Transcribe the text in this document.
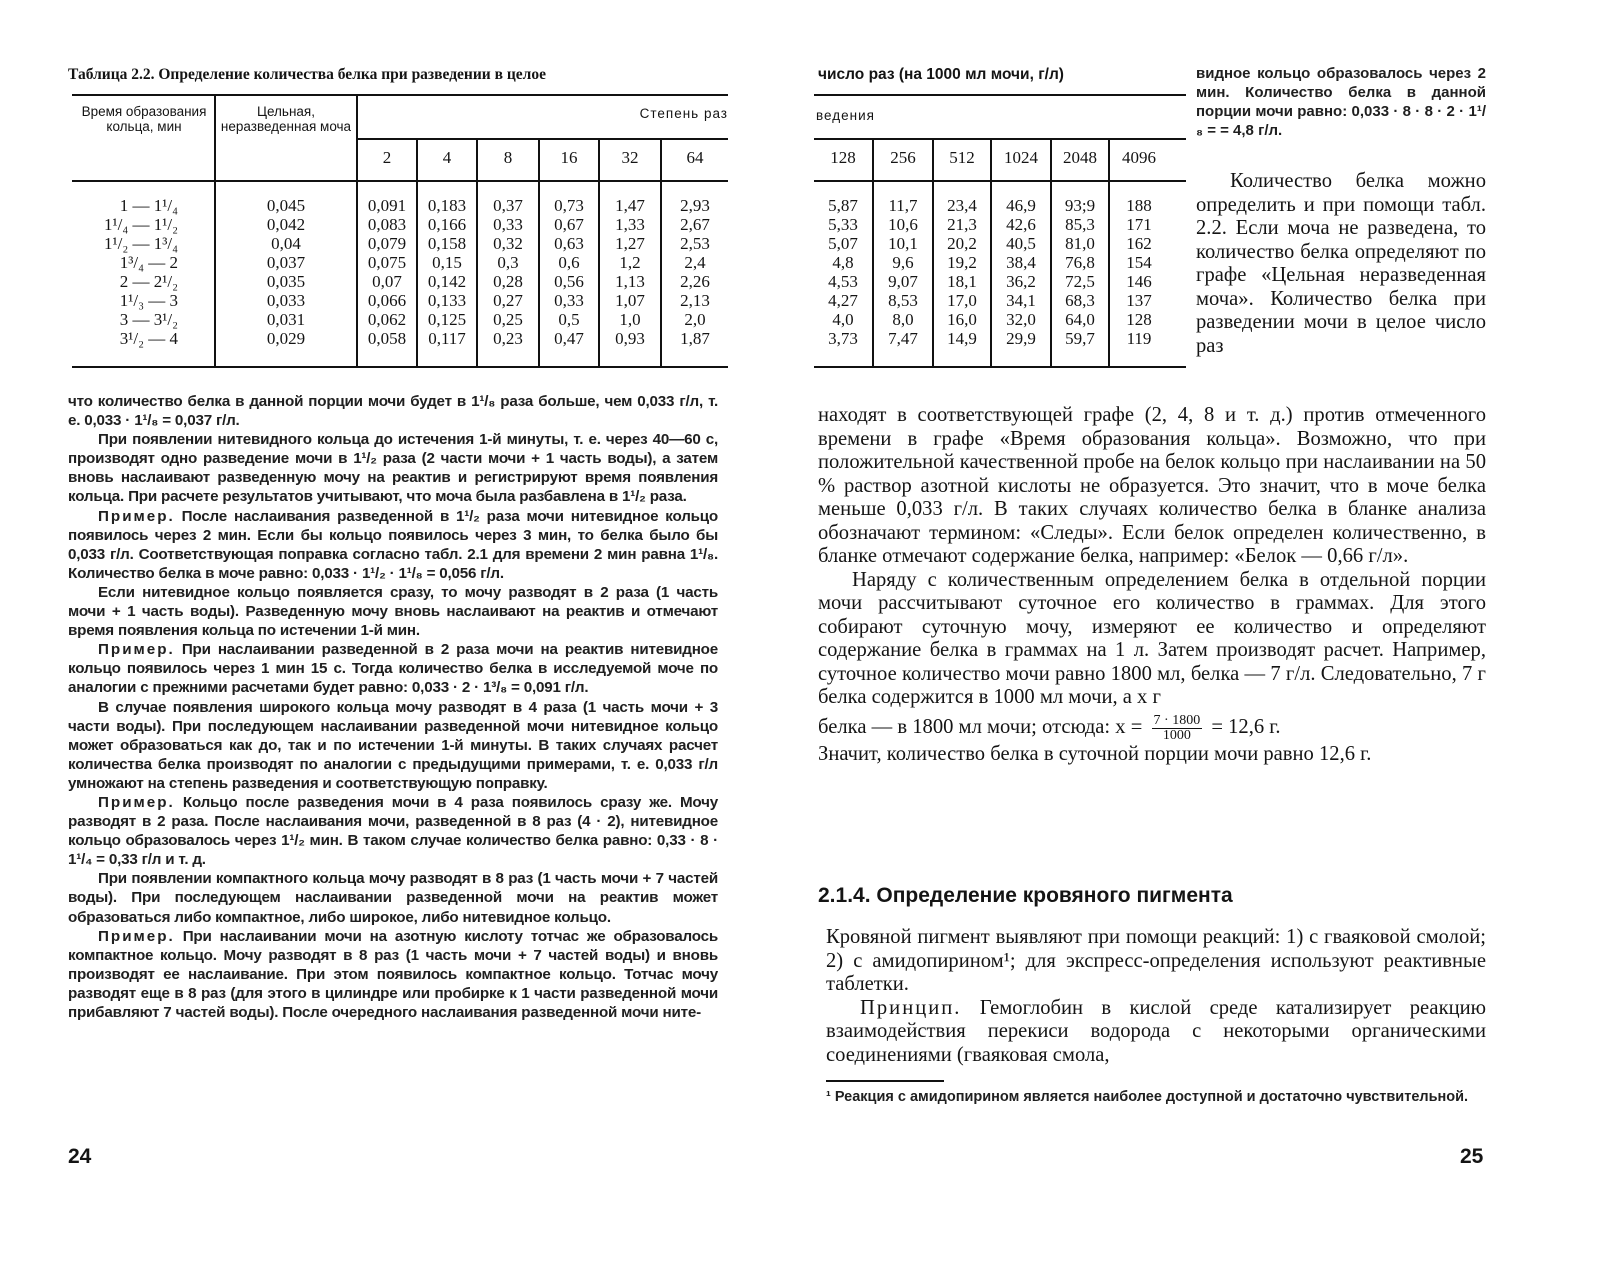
Таблица 2.2. Определение количества белка при разведении в целое
Время образования кольца, мин
Цельная, неразведенная моча
Степень раз
2	4	8	16	32	64
1 — 1¹/₄	0,045	0,091	0,183	0,37	0,73	1,47	2,93
1¹/₄ — 1¹/₂	0,042	0,083	0,166	0,33	0,67	1,33	2,67
1¹/₂ — 1³/₄	0,04	0,079	0,158	0,32	0,63	1,27	2,53
1³/₄ — 2	0,037	0,075	0,15	0,3	0,6	1,2	2,4
2 — 2¹/₂	0,035	0,07	0,142	0,28	0,56	1,13	2,26
1¹/₃ — 3	0,033	0,066	0,133	0,27	0,33	1,07	2,13
3 — 3¹/₂	0,031	0,062	0,125	0,25	0,5	1,0	2,0
3¹/₂ — 4	0,029	0,058	0,117	0,23	0,47	0,93	1,87

что количество белка в данной порции мочи будет в 1¹/₈ раза больше, чем 0,033 г/л, т. е. 0,033 · 1¹/₈ = 0,037 г/л.

При появлении нитевидного кольца до истечения 1-й минуты, т. е. через 40—60 с, производят одно разведение мочи в 1¹/₂ раза (2 части мочи + 1 часть воды), а затем вновь наслаивают разведенную мочу на реактив и регистрируют время появления кольца. При расчете результатов учитывают, что моча была разбавлена в 1¹/₂ раза.

Пример. После наслаивания разведенной в 1¹/₂ раза мочи нитевидное кольцо появилось через 2 мин. Если бы кольцо появилось через 3 мин, то белка было бы 0,033 г/л. Соответствующая поправка согласно табл. 2.1 для времени 2 мин равна 1¹/₈. Количество белка в моче равно: 0,033 · 1¹/₂ · 1¹/₈ = 0,056 г/л.

Если нитевидное кольцо появляется сразу, то мочу разводят в 2 раза (1 часть мочи + 1 часть воды). Разведенную мочу вновь наслаивают на реактив и отмечают время появления кольца по истечении 1-й мин.

Пример. При наслаивании разведенной в 2 раза мочи на реактив нитевидное кольцо появилось через 1 мин 15 с. Тогда количество белка в исследуемой моче по аналогии с прежними расчетами будет равно: 0,033 · 2 · 1³/₈ = 0,091 г/л.

В случае появления широкого кольца мочу разводят в 4 раза (1 часть мочи + 3 части воды). При последующем наслаивании разведенной мочи нитевидное кольцо может образоваться как до, так и по истечении 1-й минуты. В таких случаях расчет количества белка производят по аналогии с предыдущими примерами, т. е. 0,033 г/л умножают на степень разведения и соответствующую поправку.

Пример. Кольцо после разведения мочи в 4 раза появилось сразу же. Мочу разводят в 2 раза. После наслаивания мочи, разведенной в 8 раз (4 · 2), нитевидное кольцо образовалось через 1¹/₂ мин. В таком случае количество белка равно: 0,33 · 8 · 1¹/₄ = 0,33 г/л и т. д.

При появлении компактного кольца мочу разводят в 8 раз (1 часть мочи + 7 частей воды). При последующем наслаивании разведенной мочи на реактив может образоваться либо компактное, либо широкое, либо нитевидное кольцо.

Пример. При наслаивании мочи на азотную кислоту тотчас же образовалось компактное кольцо. Мочу разводят в 8 раз (1 часть мочи + 7 частей воды) и вновь производят ее наслаивание. При этом появилось компактное кольцо. Тотчас мочу разводят еще в 8 раз (для этого в цилиндре или пробирке к 1 части разведенной мочи прибавляют 7 частей воды). После очередного наслаивания разведенной мочи ните-

24
число раз (на 1000 мл мочи, г/л)
ведения
128	256	512	1024	2048	4096
5,87	11,7	23,4	46,9	93;9	188
5,33	10,6	21,3	42,6	85,3	171
5,07	10,1	20,2	40,5	81,0	162
4,8	9,6	19,2	38,4	76,8	154
4,53	9,07	18,1	36,2	72,5	146
4,27	8,53	17,0	34,1	68,3	137
4,0	8,0	16,0	32,0	64,0	128
3,73	7,47	14,9	29,9	59,7	119
видное кольцо образовалось через 2 мин. Количество белка в данной порции мочи равно: 0,033 · 8 · 8 · 2 · 1¹/₈ = = 4,8 г/л.

Количество белка можно определить и при помощи табл. 2.2. Если моча не разведена, то количество белка определяют по графе «Цельная неразведенная моча». Количество белка при разведении мочи в целое число раз

находят в соответствующей графе (2, 4, 8 и т. д.) против отмеченного времени в графе «Время образования кольца». Возможно, что при положительной качественной пробе на белок кольцо при наслаивании на 50 % раствор азотной кислоты не образуется. Это значит, что в моче белка меньше 0,033 г/л. В таких случаях количество белка в бланке анализа обозначают термином: «Следы». Если белок определен количественно, в бланке отмечают содержание белка, например: «Белок — 0,66 г/л».

Наряду с количественным определением белка в отдельной порции мочи рассчитывают суточное его количество в граммах. Для этого собирают суточную мочу, измеряют ее количество и определяют содержание белка в граммах на 1 л. Затем производят расчет. Например, суточное количество мочи равно 1800 мл, белка — 7 г/л. Следовательно, 7 г белка содержится в 1000 мл мочи, а x г

белка — в 1800 мл мочи; отсюда: $x = \frac{7 \cdot 1800}{1000} = 12,6$ г.

Значит, количество белка в суточной порции мочи равно 12,6 г.

2.1.4. Определение кровяного пигмента

Кровяной пигмент выявляют при помощи реакций: 1) с гваяковой смолой; 2) с амидопирином¹; для экспресс-определения используют реактивные таблетки.

Принцип. Гемоглобин в кислой среде катализирует реакцию взаимодействия перекиси водорода с некоторыми органическими соединениями (гваяковая смола,

¹ Реакция с амидопирином является наиболее доступной и достаточно чувствительной.
25
